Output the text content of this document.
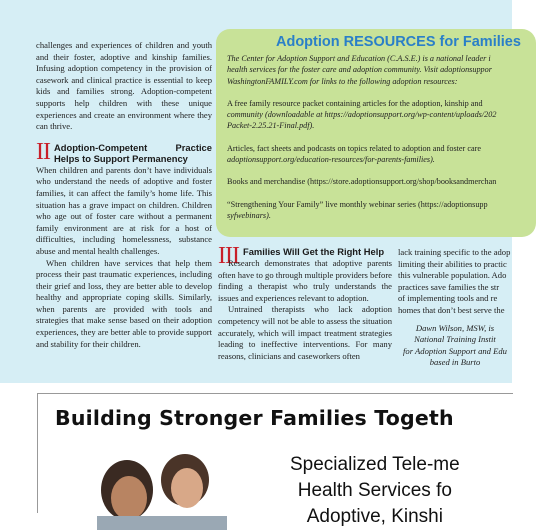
challenges and experiences of children and youth and their foster, adoptive and kinship families. Infusing adoption competency in the provision of casework and clinical practice is essential to keep kids and families strong. Adoption-competent supports help children with these unique experiences and create an environment where they can thrive.

II Adoption-Competent Practice Helps to Support Permanency

When children and parents don’t have individuals who understand the needs of adoptive and foster families, it can affect the family’s home life. This situation has a grave impact on children. Children who age out of foster care without a permanent family environment are at risk for a host of difficulties, including homelessness, substance abuse and mental health challenges.

When children have services that help them process their past traumatic experiences, including their grief and loss, they are better able to develop healthy and appropriate coping skills. Similarly, when parents are provided with tools and strategies that make sense based on their adoption experiences, they are better able to provide support and stability for their children.

Adoption RESOURCES for Families

The Center for Adoption Support and Education (C.A.S.E.) is a national leader i
health services for the foster care and adoption community. Visit adoptionsuppor
WashingtonFAMILY.com for links to the following adoption resources:

A free family resource packet containing articles for the adoption, kinship and
community (downloadable at https://adoptionsupport.org/wp-content/uploads/202
Packet-2.25.21-Final.pdf).

Articles, fact sheets and podcasts on topics related to adoption and foster care
adoptionsupport.org/education-resources/for-parents-families).

Books and merchandise (https://store.adoptionsupport.org/shop/booksandmerchan

“Strengthening Your Family” live monthly webinar series (https://adoptionsupp
syfwebinars).

III Families Will Get the Right Help

Research demonstrates that adoptive parents often have to go through multiple providers before finding a therapist who truly understands the issues and experiences relevant to adoption.

Untrained therapists who lack adoption competency will not be able to assess the situation accurately, which will impact treatment strategies leading to ineffective interventions. For many reasons, clinicians and caseworkers often

lack training specific to the adop
limiting their abilities to practic
this vulnerable population. Ado
practices save families the str
of implementing tools and re
homes that don’t best serve the
Dawn Wilson, MSW, is
National Training Instit
for Adoption Support and Edu
based in Burto
Building Stronger Families Togeth
Specialized Tele-me
Health Services fo
Adoptive, Kinshi
